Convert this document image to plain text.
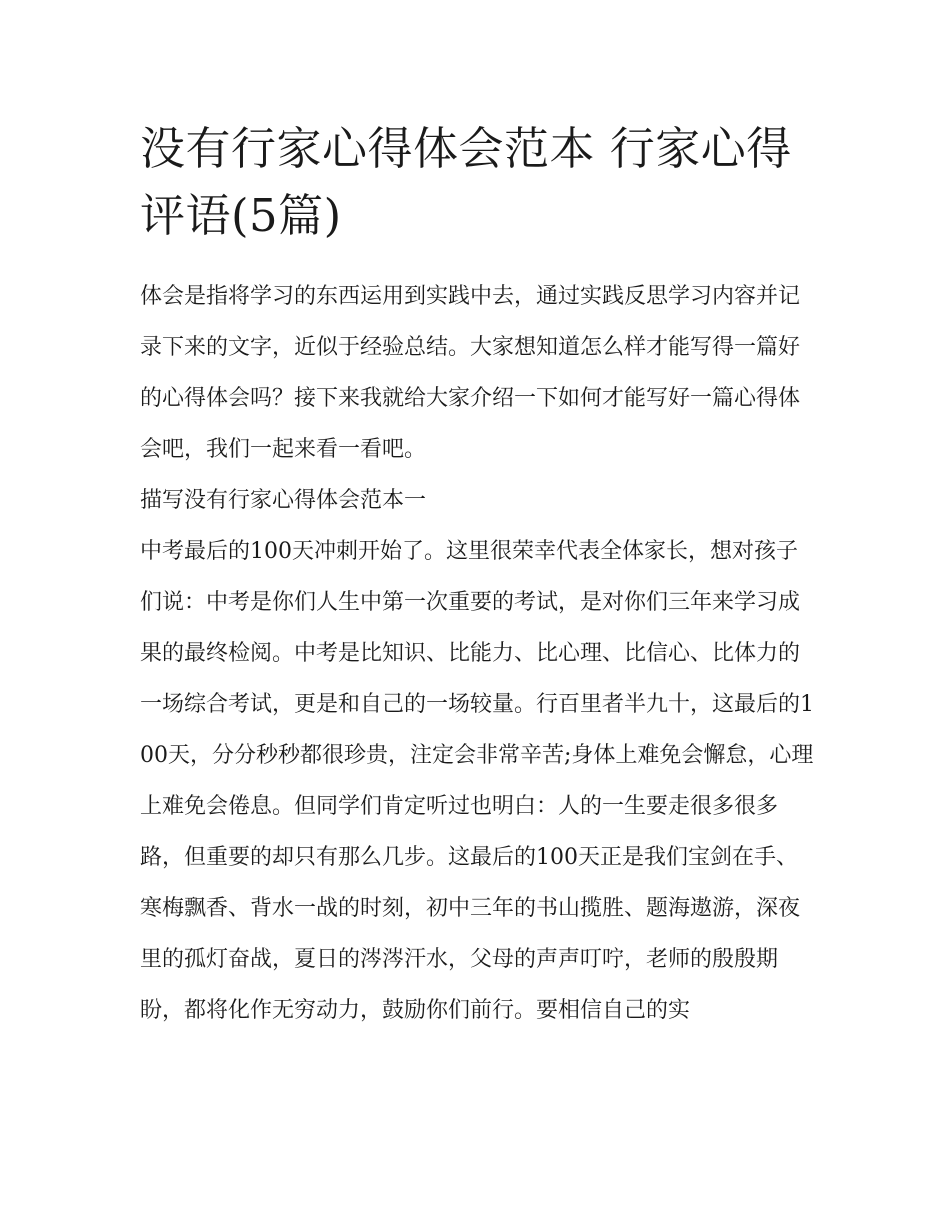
没有行家心得体会范本 行家心得评语(5篇)

体会是指将学习的东西运用到实践中去，通过实践反思学习内容并记录下来的文字，近似于经验总结。大家想知道怎么样才能写得一篇好的心得体会吗？接下来我就给大家介绍一下如何才能写好一篇心得体会吧，我们一起来看一看吧。

描写没有行家心得体会范本一

中考最后的100天冲刺开始了。这里很荣幸代表全体家长，想对孩子们说：中考是你们人生中第一次重要的考试，是对你们三年来学习成果的最终检阅。中考是比知识、比能力、比心理、比信心、比体力的一场综合考试，更是和自己的一场较量。行百里者半九十，这最后的100天，分分秒秒都很珍贵，注定会非常辛苦;身体上难免会懈怠，心理上难免会倦息。但同学们肯定听过也明白：人的一生要走很多很多路，但重要的却只有那么几步。这最后的100天正是我们宝剑在手、寒梅飘香、背水一战的时刻，初中三年的书山揽胜、题海遨游，深夜里的孤灯奋战，夏日的涔涔汗水，父母的声声叮咛，老师的殷殷期盼，都将化作无穷动力，鼓励你们前行。要相信自己的实
